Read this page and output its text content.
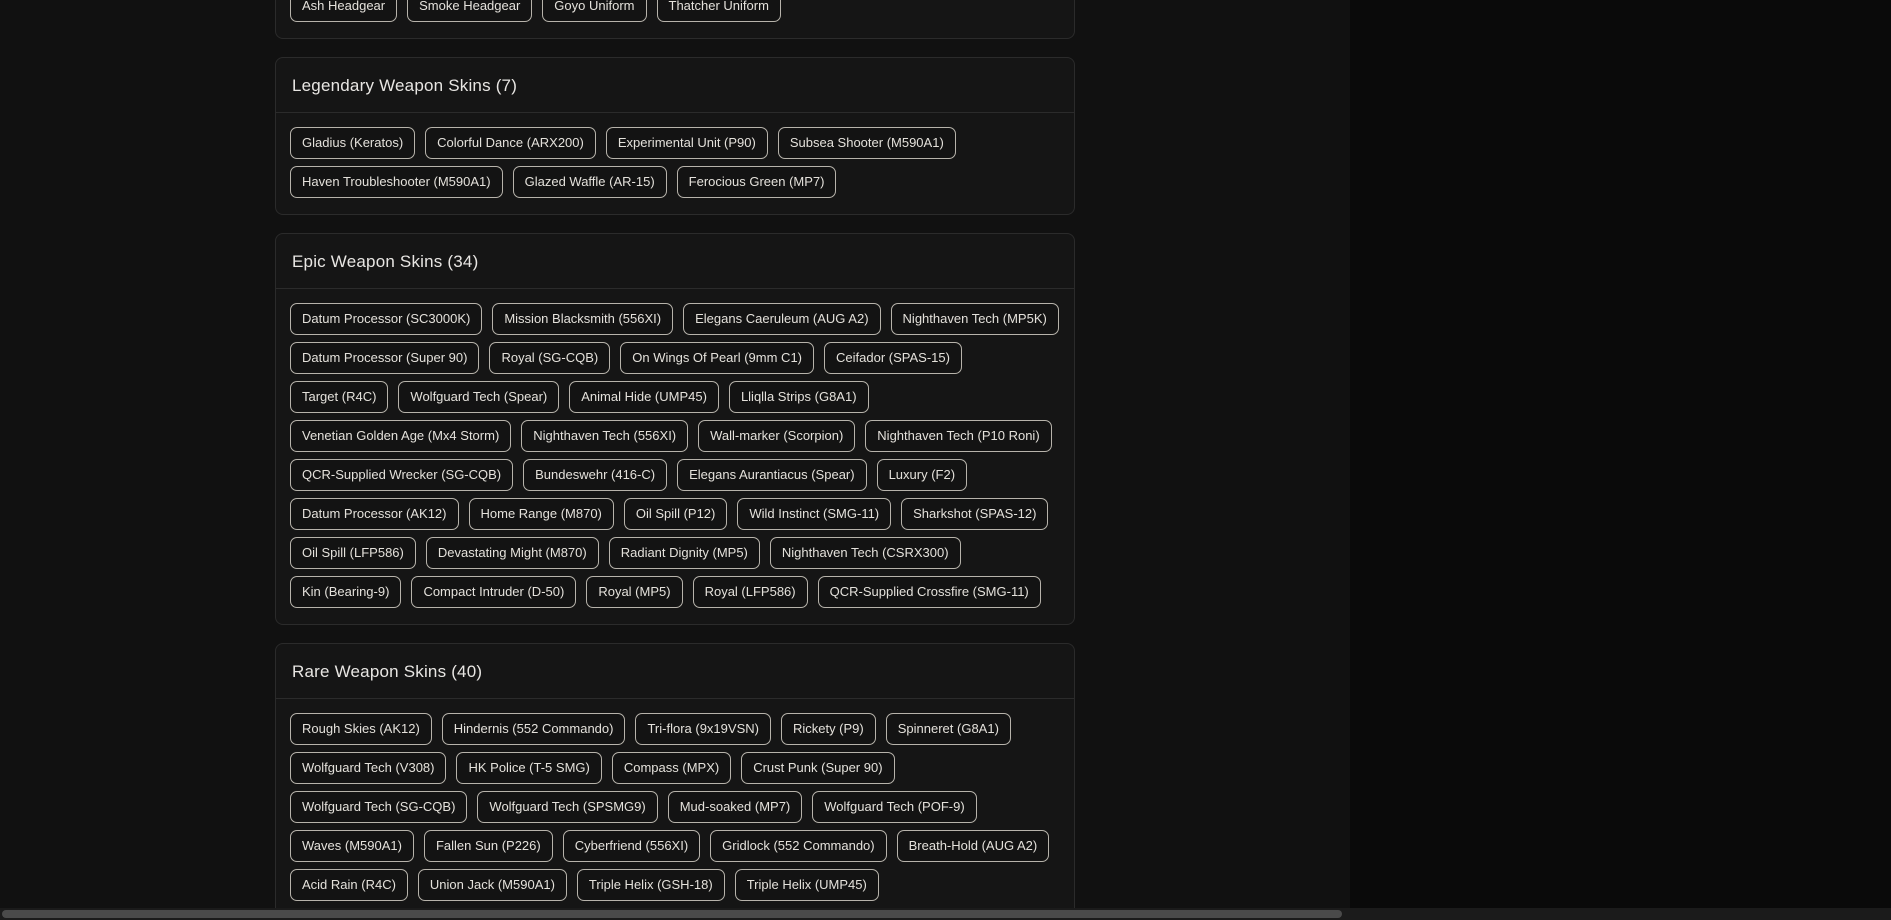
Ash Headgear	Smoke Headgear	Goyo Uniform	Thatcher Uniform
Legendary Weapon Skins (7)
Gladius (Keratos)	Colorful Dance (ARX200)	Experimental Unit (P90)	Subsea Shooter (M590A1)
Haven Troubleshooter (M590A1)	Glazed Waffle (AR-15)	Ferocious Green (MP7)
Epic Weapon Skins (34)
Datum Processor (SC3000K)	Mission Blacksmith (556XI)	Elegans Caeruleum (AUG A2)	Nighthaven Tech (MP5K)
Datum Processor (Super 90)	Royal (SG-CQB)	On Wings Of Pearl (9mm C1)	Ceifador (SPAS-15)
Target (R4C)	Wolfguard Tech (Spear)	Animal Hide (UMP45)	Lliqlla Strips (G8A1)
Venetian Golden Age (Mx4 Storm)	Nighthaven Tech (556XI)	Wall-marker (Scorpion)	Nighthaven Tech (P10 Roni)
QCR-Supplied Wrecker (SG-CQB)	Bundeswehr (416-C)	Elegans Aurantiacus (Spear)	Luxury (F2)
Datum Processor (AK12)	Home Range (M870)	Oil Spill (P12)	Wild Instinct (SMG-11)	Sharkshot (SPAS-12)
Oil Spill (LFP586)	Devastating Might (M870)	Radiant Dignity (MP5)	Nighthaven Tech (CSRX300)
Kin (Bearing-9)	Compact Intruder (D-50)	Royal (MP5)	Royal (LFP586)	QCR-Supplied Crossfire (SMG-11)
Rare Weapon Skins (40)
Rough Skies (AK12)	Hindernis (552 Commando)	Tri-flora (9x19VSN)	Rickety (P9)	Spinneret (G8A1)
Wolfguard Tech (V308)	HK Police (T-5 SMG)	Compass (MPX)	Crust Punk (Super 90)
Wolfguard Tech (SG-CQB)	Wolfguard Tech (SPSMG9)	Mud-soaked (MP7)	Wolfguard Tech (POF-9)
Waves (M590A1)	Fallen Sun (P226)	Cyberfriend (556XI)	Gridlock (552 Commando)	Breath-Hold (AUG A2)
Acid Rain (R4C)	Union Jack (M590A1)	Triple Helix (GSH-18)	Triple Helix (UMP45)
